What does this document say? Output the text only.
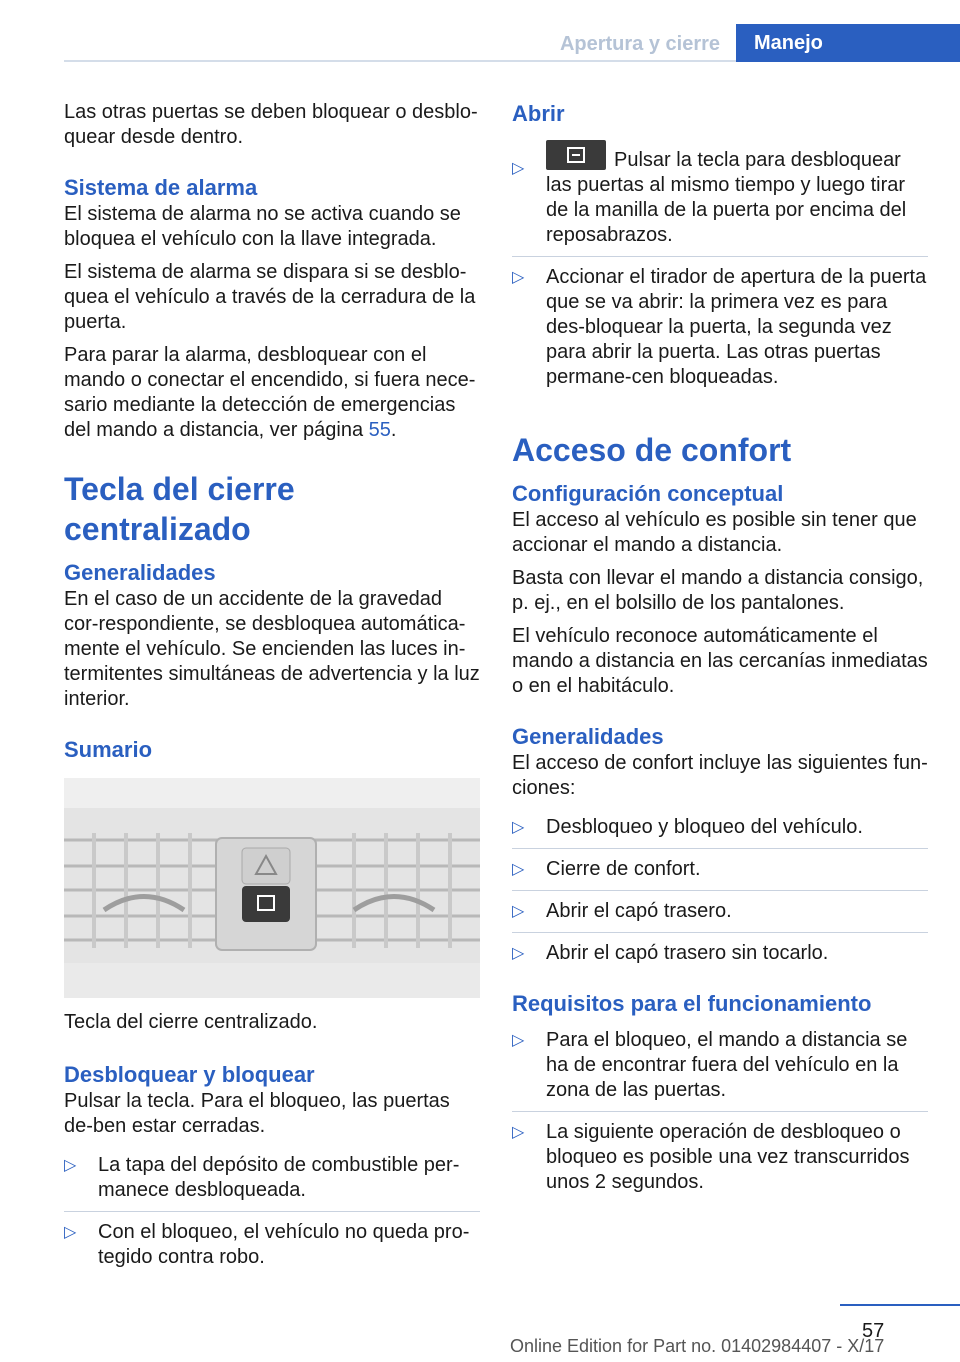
Apertura y cierre	Manejo

Las otras puertas se deben bloquear o desblo‐quear desde dentro.

Sistema de alarma

El sistema de alarma no se activa cuando se bloquea el vehículo con la llave integrada.

El sistema de alarma se dispara si se desblo‐quea el vehículo a través de la cerradura de la puerta.

Para parar la alarma, desbloquear con el mando o conectar el encendido, si fuera nece‐sario mediante la detección de emergencias del mando a distancia, ver página 55.

Tecla del cierre centralizado
Generalidades

En el caso de un accidente de la gravedad cor‐respondiente, se desbloquea automática‐mente el vehículo. Se encienden las luces in‐termitentes simultáneas de advertencia y la luz interior.

Sumario

Tecla del cierre centralizado.

Desbloquear y bloquear

Pulsar la tecla. Para el bloqueo, las puertas de‐ben estar cerradas.

▷ La tapa del depósito de combustible per‐manece desbloqueada.
▷ Con el bloqueo, el vehículo no queda pro‐tegido contra robo.
Abrir
▷	Pulsar la tecla para desbloquear las puertas al mismo tiempo y luego tirar de la manilla de la puerta por encima del reposabrazos.
▷ Accionar el tirador de apertura de la puerta que se va abrir: la primera vez es para des‐bloquear la puerta, la segunda vez para abrir la puerta. Las otras puertas permane‐cen bloqueadas.
Acceso de confort
Configuración conceptual

El acceso al vehículo es posible sin tener que accionar el mando a distancia.

Basta con llevar el mando a distancia consigo, p. ej., en el bolsillo de los pantalones.

El vehículo reconoce automáticamente el mando a distancia en las cercanías inmediatas o en el habitáculo.

Generalidades

El acceso de confort incluye las siguientes fun‐ciones:

▷ Desbloqueo y bloqueo del vehículo.
▷ Cierre de confort.
▷ Abrir el capó trasero.
▷ Abrir el capó trasero sin tocarlo.
Requisitos para el funcionamiento
▷ Para el bloqueo, el mando a distancia se ha de encontrar fuera del vehículo en la zona de las puertas.
▷ La siguiente operación de desbloqueo o bloqueo es posible una vez transcurridos unos 2 segundos.
57
Online Edition for Part no. 01402984407 - X/17
